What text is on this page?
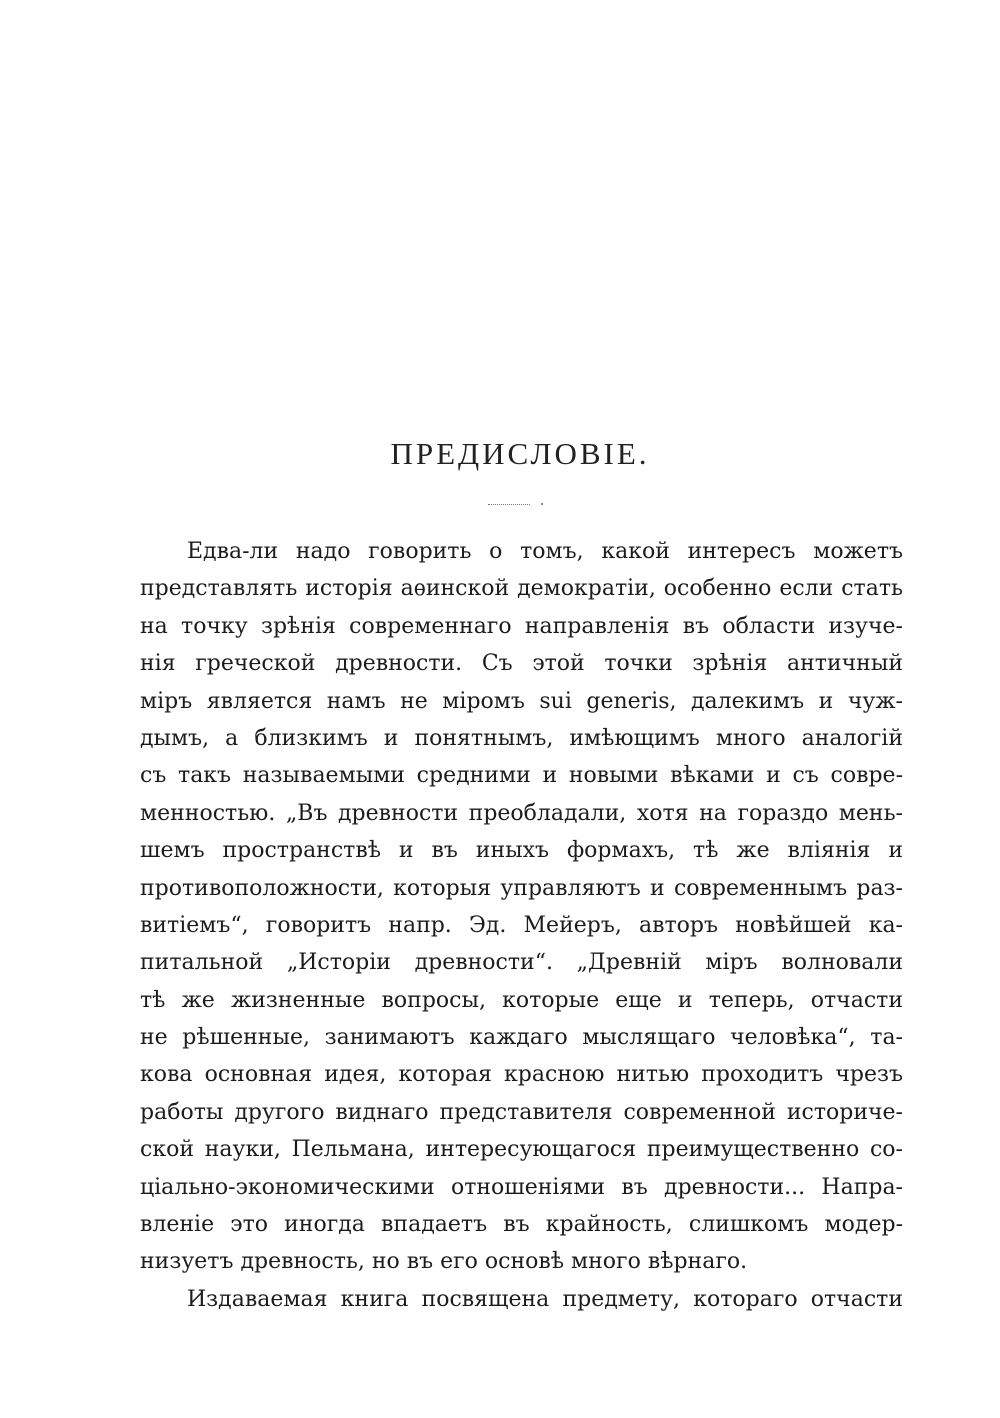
ПРЕДИСЛОВІЕ.
Едва-ли надо говорить о томъ, какой интересъ можетъ
представлять исторія аѳинской демократіи, особенно если стать
на точку зрѣнія современнаго направленія въ области изуче-
нія греческой древности. Съ этой точки зрѣнія античный
міръ является намъ не міромъ sui generis, далекимъ и чуж-
дымъ, а близкимъ и понятнымъ, имѣющимъ много аналогій
съ такъ называемыми средними и новыми вѣками и съ совре-
менностью. „Въ древности преобладали, хотя на гораздо мень-
шемъ пространствѣ и въ иныхъ формахъ, тѣ же вліянія и
противоположности, которыя управляютъ и современнымъ раз-
витіемъ“, говоритъ напр. Эд. Мейеръ, авторъ новѣйшей ка-
питальной „Исторіи древности“. „Древній міръ волновали
тѣ же жизненные вопросы, которые еще и теперь, отчасти
не рѣшенные, занимаютъ каждаго мыслящаго человѣка“, та-
кова основная идея, которая красною нитью проходитъ чрезъ
работы другого виднаго представителя современной историче-
ской науки, Пельмана, интересующагося преимущественно со-
ціально-экономическими отношеніями въ древности... Напра-
вленіе это иногда впадаетъ въ крайность, слишкомъ модер-
низуетъ древность, но въ его основѣ много вѣрнаго.
Издаваемая книга посвящена предмету, котораго отчасти
